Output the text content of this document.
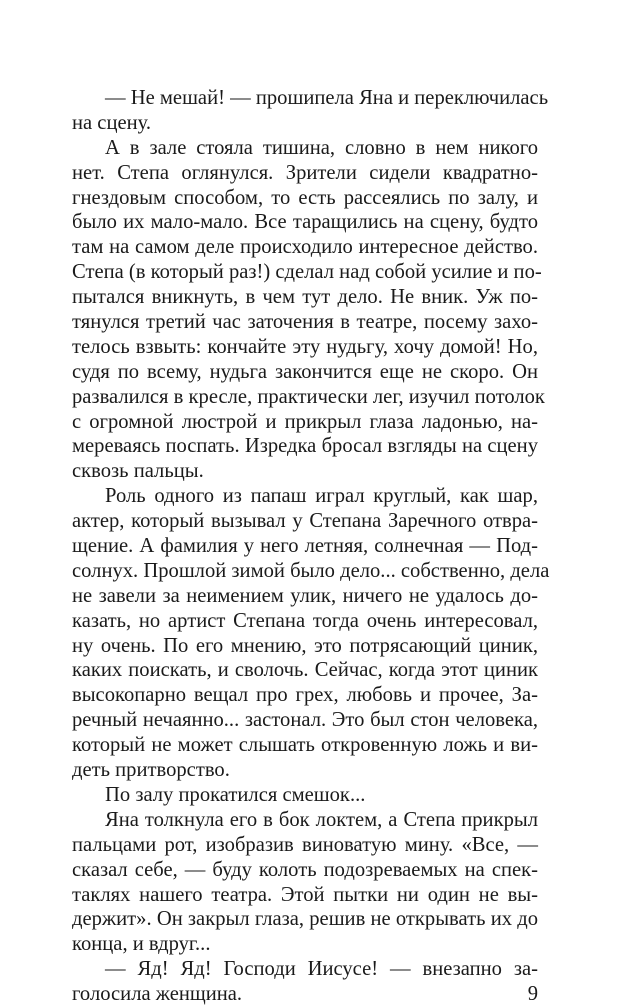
— Не мешай! — прошипела Яна и переключилась
на сцену.
А в зале стояла тишина, словно в нем никого
нет. Степа оглянулся. Зрители сидели квадратно-
гнездовым способом, то есть рассеялись по залу, и
было их мало-мало. Все таращились на сцену, будто
там на самом деле происходило интересное действо.
Степа (в который раз!) сделал над собой усилие и по-
пытался вникнуть, в чем тут дело. Не вник. Уж по-
тянулся третий час заточения в театре, посему захо-
телось взвыть: кончайте эту нудьгу, хочу домой! Но,
судя по всему, нудьга закончится еще не скоро. Он
развалился в кресле, практически лег, изучил потолок
с огромной люстрой и прикрыл глаза ладонью, на-
мереваясь поспать. Изредка бросал взгляды на сцену
сквозь пальцы.
Роль одного из папаш играл круглый, как шар,
актер, который вызывал у Степана Заречного отвра-
щение. А фамилия у него летняя, солнечная — Под-
солнух. Прошлой зимой было дело... собственно, дела
не завели за неимением улик, ничего не удалось до-
казать, но артист Степана тогда очень интересовал,
ну очень. По его мнению, это потрясающий циник,
каких поискать, и сволочь. Сейчас, когда этот циник
высокопарно вещал про грех, любовь и прочее, За-
речный нечаянно... застонал. Это был стон человека,
который не может слышать откровенную ложь и ви-
деть притворство.
По залу прокатился смешок...
Яна толкнула его в бок локтем, а Степа прикрыл
пальцами рот, изобразив виноватую мину. «Все, —
сказал себе, — буду колоть подозреваемых на спек-
таклях нашего театра. Этой пытки ни один не вы-
держит». Он закрыл глаза, решив не открывать их до
конца, и вдруг...
— Яд! Яд! Господи Иисусе! — внезапно за-
голосила женщина.	9
